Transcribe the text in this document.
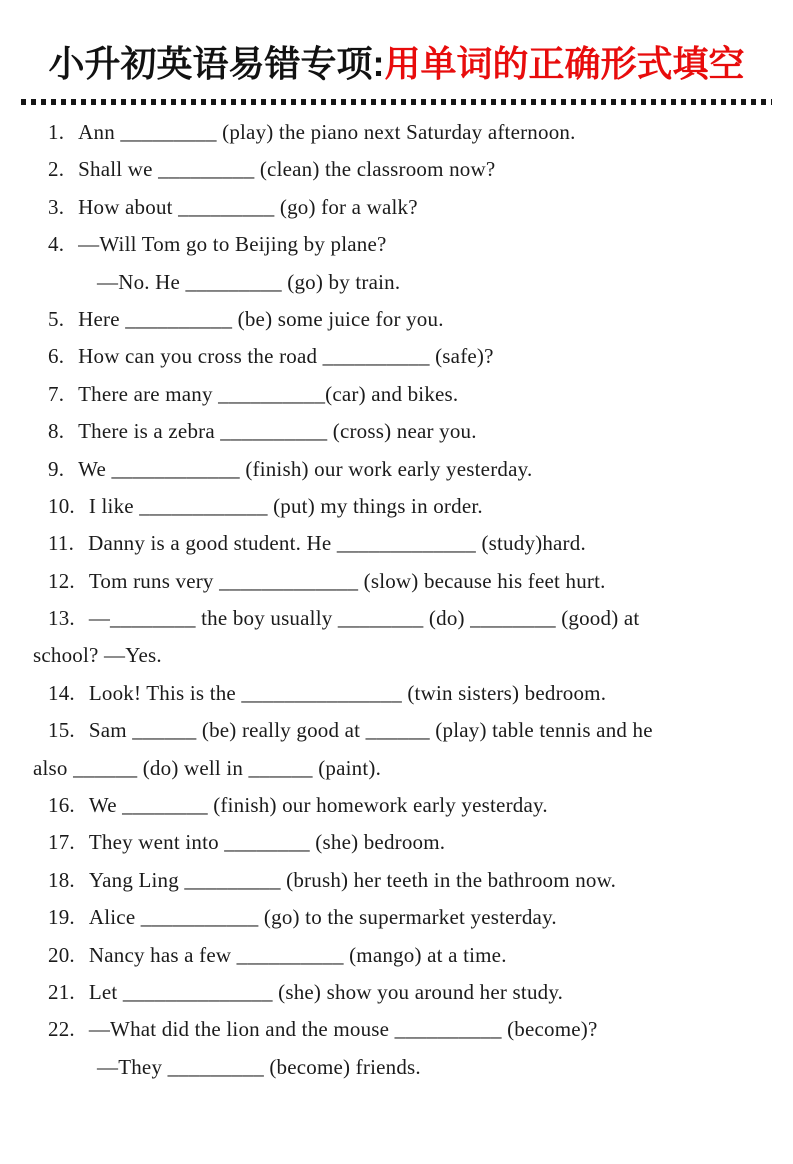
小升初英语易错专项:用单词的正确形式填空
1. Ann _________ (play) the piano next Saturday afternoon.
2. Shall we _________ (clean) the classroom now?
3. How about _________ (go) for a walk?
4. —Will Tom go to Beijing by plane?
—No. He _________ (go) by train.
5. Here __________ (be) some juice for you.
6. How can you cross the road __________ (safe)?
7. There are many __________(car) and bikes.
8. There is a zebra __________ (cross) near you.
9. We ____________ (finish) our work early yesterday.
10. I like ____________ (put) my things in order.
11. Danny is a good student. He _____________ (study)hard.
12. Tom runs very _____________ (slow) because his feet hurt.
13. —________ the boy usually ________ (do) ________ (good) at
school? —Yes.
14. Look! This is the _______________ (twin sisters) bedroom.
15. Sam ______ (be) really good at ______ (play) table tennis and he
also ______ (do) well in ______ (paint).
16. We ________ (finish) our homework early yesterday.
17. They went into ________ (she) bedroom.
18. Yang Ling _________ (brush) her teeth in the bathroom now.
19. Alice ___________ (go) to the supermarket yesterday.
20. Nancy has a few __________ (mango) at a time.
21. Let ______________ (she) show you around her study.
22. —What did the lion and the mouse __________ (become)?
—They _________ (become) friends.
